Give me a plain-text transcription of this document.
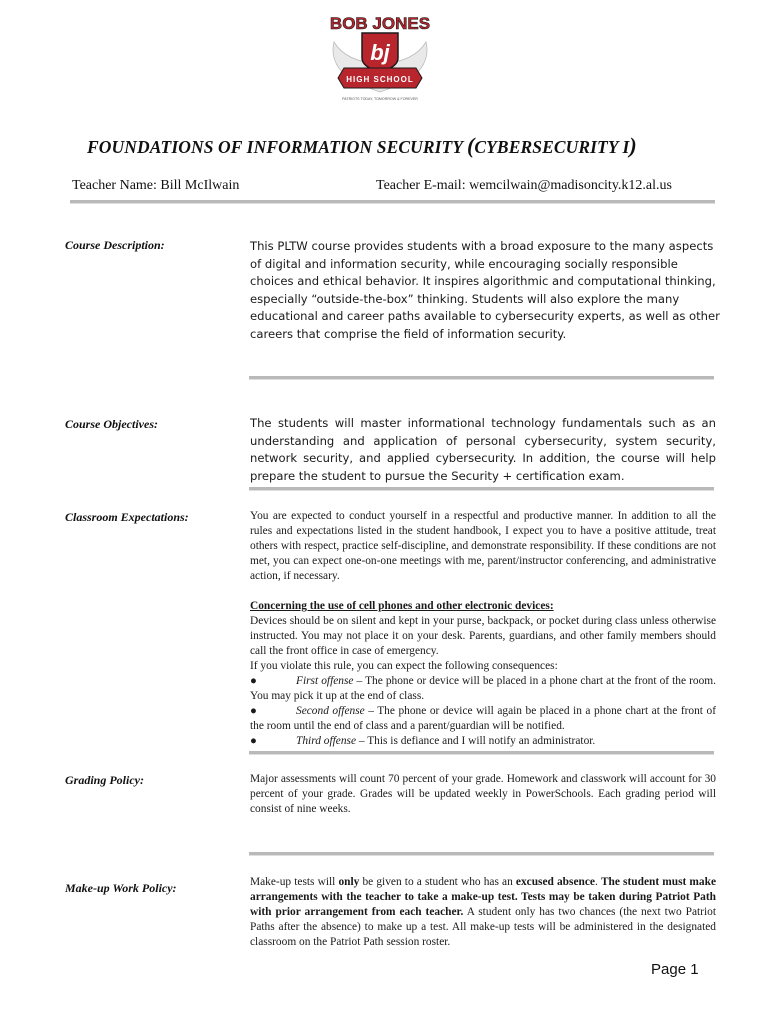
BOB JONES
bj
HIGH SCHOOL
PATRIOTS TODAY, TOMORROW & FOREVER
FOUNDATIONS OF INFORMATION SECURITY (CYBERSECURITY I)
Teacher Name: Bill McIlwain	Teacher E-mail: wemcilwain@madisoncity.k12.al.us
Course Description:	This PLTW course provides students with a broad exposure to the many aspects of digital and information security, while encouraging socially responsible choices and ethical behavior. It inspires algorithmic and computational thinking, especially “outside-the-box” thinking. Students will also explore the many educational and career paths available to cybersecurity experts, as well as other careers that comprise the field of information security.
Course Objectives:	The students will master informational technology fundamentals such as an understanding and application of personal cybersecurity, system security, network security, and applied cybersecurity. In addition, the course will help prepare the student to pursue the Security + certification exam.
Classroom Expectations:	You are expected to conduct yourself in a respectful and productive manner. In addition to all the rules and expectations listed in the student handbook, I expect you to have a positive attitude, treat others with respect, practice self-discipline, and demonstrate responsibility. If these conditions are not met, you can expect one-on-one meetings with me, parent/instructor conferencing, and administrative action, if necessary.
Concerning the use of cell phones and other electronic devices:
Devices should be on silent and kept in your purse, backpack, or pocket during class unless otherwise instructed. You may not place it on your desk. Parents, guardians, and other family members should call the front office in case of emergency.
If you violate this rule, you can expect the following consequences:
●	First offense – The phone or device will be placed in a phone chart at the front of the room. You may pick it up at the end of class.
●	Second offense – The phone or device will again be placed in a phone chart at the front of the room until the end of class and a parent/guardian will be notified.
●	Third offense – This is defiance and I will notify an administrator.
Grading Policy:	Major assessments will count 70 percent of your grade. Homework and classwork will account for 30 percent of your grade. Grades will be updated weekly in PowerSchools. Each grading period will consist of nine weeks.
Make-up Work Policy:	Make-up tests will only be given to a student who has an excused absence. The student must make arrangements with the teacher to take a make-up test. Tests may be taken during Patriot Path with prior arrangement from each teacher. A student only has two chances (the next two Patriot Paths after the absence) to make up a test. All make-up tests will be administered in the designated classroom on the Patriot Path session roster.
Page 1
